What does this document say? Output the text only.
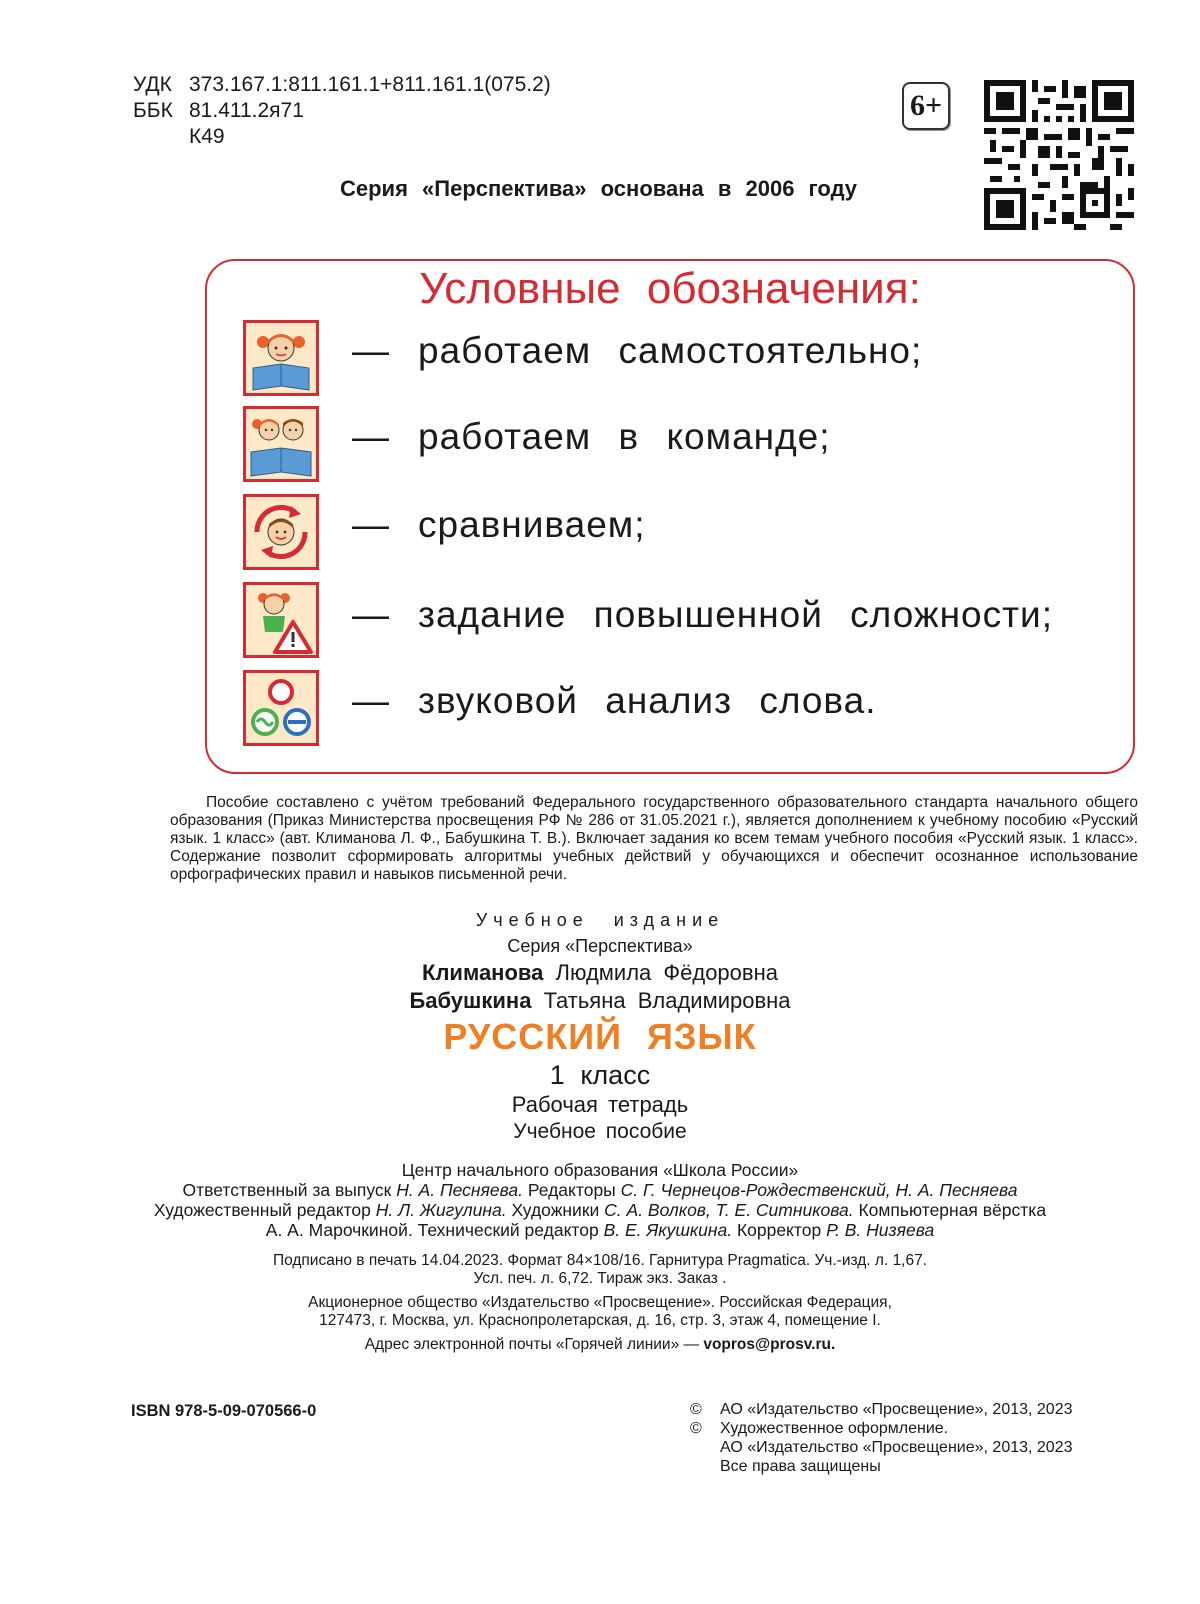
УДК 373.167.1:811.161.1+811.161.1(075.2)
ББК 81.411.2я71
К49
6+
Серия «Перспектива» основана в 2006 году
Условные обозначения:
— работаем самостоятельно;
— работаем в команде;
— сравниваем;
— задание повышенной сложности;
— звуковой анализ слова.

Пособие составлено с учётом требований Федерального государственного образовательного стандарта начального общего образования (Приказ Министерства просвещения РФ № 286 от 31.05.2021 г.), является дополнением к учебному пособию «Русский язык. 1 класс» (авт. Климанова Л. Ф., Бабушкина Т. В.). Включает задания ко всем темам учебного пособия «Русский язык. 1 класс». Содержание позволит сформировать алгоритмы учебных действий у обучающихся и обеспечит осознанное использование орфографических правил и навыков письменной речи.

Учебное издание
Серия «Перспектива»
Климанова Людмила Фёдоровна
Бабушкина Татьяна Владимировна
РУССКИЙ ЯЗЫК
1 класс
Рабочая тетрадь
Учебное пособие
Центр начального образования «Школа России»
Ответственный за выпуск Н. А. Песняева. Редакторы С. Г. Чернецов-Рождественский, Н. А. Песняева
Художественный редактор Н. Л. Жигулина. Художники С. А. Волков, Т. Е. Ситникова. Компьютерная вёрстка
А. А. Марочкиной. Технический редактор В. Е. Якушкина. Корректор Р. В. Низяева
Подписано в печать 14.04.2023. Формат 84×108/16. Гарнитура Pragmatica. Уч.-изд. л. 1,67.
Усл. печ. л. 6,72. Тираж экз. Заказ .
Акционерное общество «Издательство «Просвещение». Российская Федерация,
127473, г. Москва, ул. Краснопролетарская, д. 16, стр. 3, этаж 4, помещение I.
Адрес электронной почты «Горячей линии» — vopros@prosv.ru.
ISBN 978-5-09-070566-0	©	АО «Издательство «Просвещение», 2013, 2023
©	Художественное оформление.
АО «Издательство «Просвещение», 2013, 2023
Все права защищены
